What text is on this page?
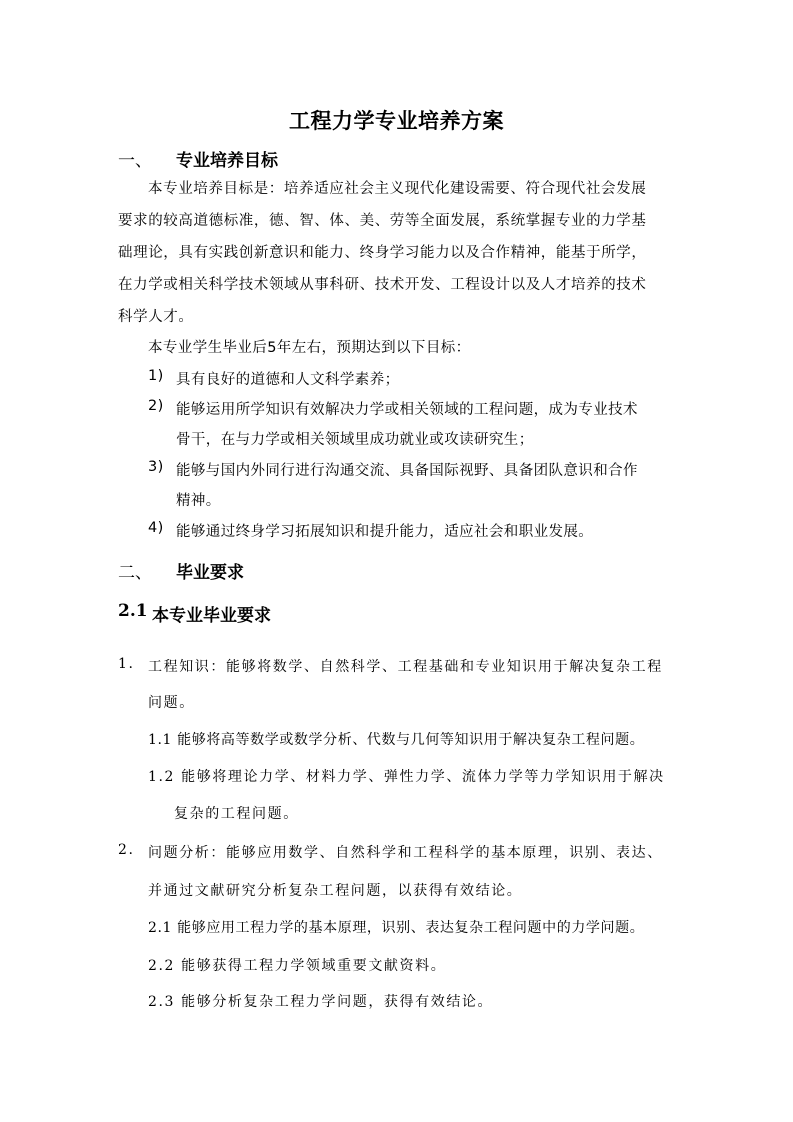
工程力学专业培养方案
一、 专业培养目标
本专业培养目标是：培养适应社会主义现代化建设需要、符合现代社会发展
要求的较高道德标准，德、智、体、美、劳等全面发展，系统掌握专业的力学基
础理论，具有实践创新意识和能力、终身学习能力以及合作精神，能基于所学，
在力学或相关科学技术领域从事科研、技术开发、工程设计以及人才培养的技术
科学人才。
本专业学生毕业后5年左右，预期达到以下目标：
1) 具有良好的道德和人文科学素养；
2) 能够运用所学知识有效解决力学或相关领域的工程问题，成为专业技术
骨干，在与力学或相关领域里成功就业或攻读研究生；
3) 能够与国内外同行进行沟通交流、具备国际视野、具备团队意识和合作
精神。
4) 能够通过终身学习拓展知识和提升能力，适应社会和职业发展。
二、 毕业要求
2.1 本专业毕业要求
1. 工程知识：能够将数学、自然科学、工程基础和专业知识用于解决复杂工程
问题。
1.1 能够将高等数学或数学分析、代数与几何等知识用于解决复杂工程问题。
1.2 能够将理论力学、材料力学、弹性力学、流体力学等力学知识用于解决
复杂的工程问题。
2. 问题分析：能够应用数学、自然科学和工程科学的基本原理，识别、表达、
并通过文献研究分析复杂工程问题，以获得有效结论。
2.1 能够应用工程力学的基本原理，识别、表达复杂工程问题中的力学问题。
2.2 能够获得工程力学领域重要文献资料。
2.3 能够分析复杂工程力学问题，获得有效结论。
